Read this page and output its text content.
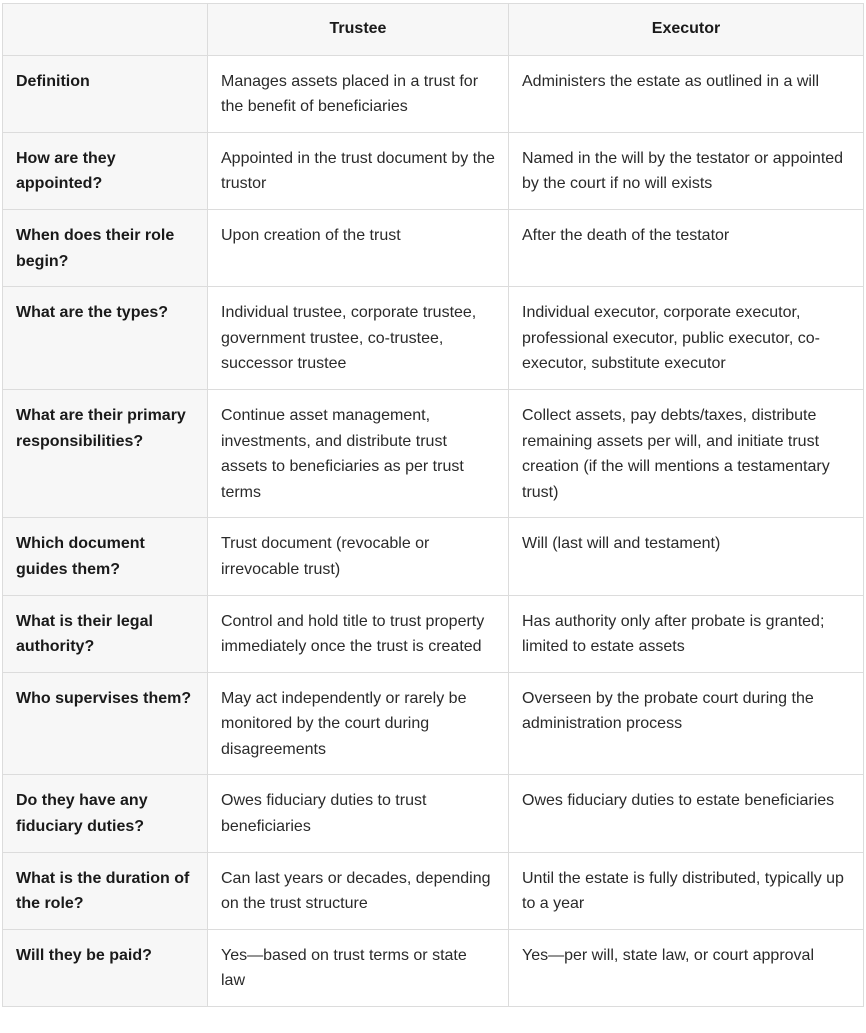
	Trustee	Executor
Definition	Manages assets placed in a trust for the benefit of beneficiaries	Administers the estate as outlined in a will
How are they appointed?	Appointed in the trust document by the trustor	Named in the will by the testator or appointed by the court if no will exists
When does their role begin?	Upon creation of the trust	After the death of the testator
What are the types?	Individual trustee, corporate trustee, government trustee, co-trustee, successor trustee	Individual executor, corporate executor, professional executor, public executor, co-executor, substitute executor
What are their primary responsibilities?	Continue asset management, investments, and distribute trust assets to beneficiaries as per trust terms	Collect assets, pay debts/taxes, distribute remaining assets per will, and initiate trust creation (if the will mentions a testamentary trust)
Which document guides them?	Trust document (revocable or irrevocable trust)	Will (last will and testament)
What is their legal authority?	Control and hold title to trust property immediately once the trust is created	Has authority only after probate is granted; limited to estate assets
Who supervises them?	May act independently or rarely be monitored by the court during disagreements	Overseen by the probate court during the administration process
Do they have any fiduciary duties?	Owes fiduciary duties to trust beneficiaries	Owes fiduciary duties to estate beneficiaries
What is the duration of the role?	Can last years or decades, depending on the trust structure	Until the estate is fully distributed, typically up to a year
Will they be paid?	Yes—based on trust terms or state law	Yes—per will, state law, or court approval
